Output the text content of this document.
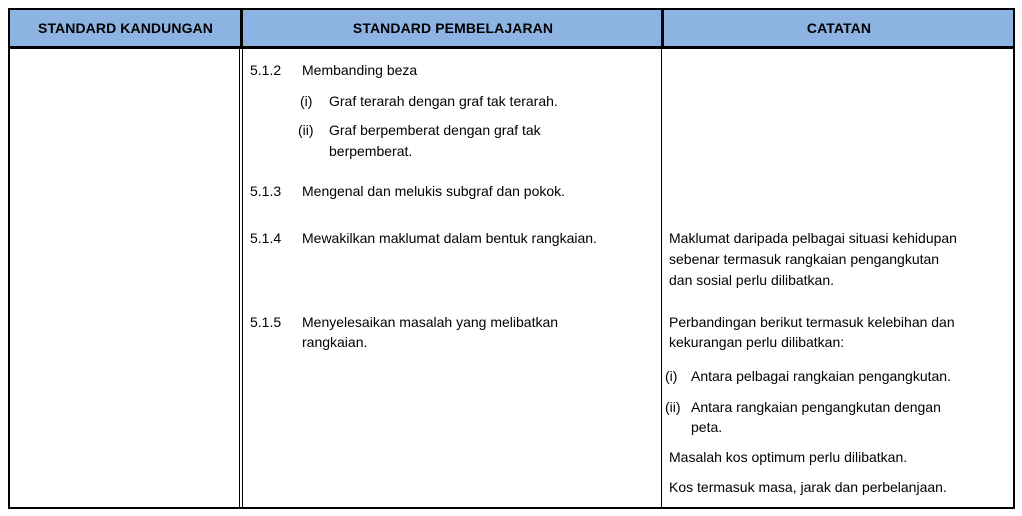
STANDARD KANDUNGAN	STANDARD PEMBELAJARAN	CATATAN
5.1.2 Membanding beza
(i) Graf terarah dengan graf tak terarah.
(ii) Graf berpemberat dengan graf tak
berpemberat.
5.1.3 Mengenal dan melukis subgraf dan pokok.
5.1.4 Mewakilkan maklumat dalam bentuk rangkaian.
5.1.5 Menyelesaikan masalah yang melibatkan
rangkaian.
Maklumat daripada pelbagai situasi kehidupan
sebenar termasuk rangkaian pengangkutan
dan sosial perlu dilibatkan.
Perbandingan berikut termasuk kelebihan dan
kekurangan perlu dilibatkan:
(i) Antara pelbagai rangkaian pengangkutan.
(ii) Antara rangkaian pengangkutan dengan
peta.
Masalah kos optimum perlu dilibatkan.
Kos termasuk masa, jarak dan perbelanjaan.
